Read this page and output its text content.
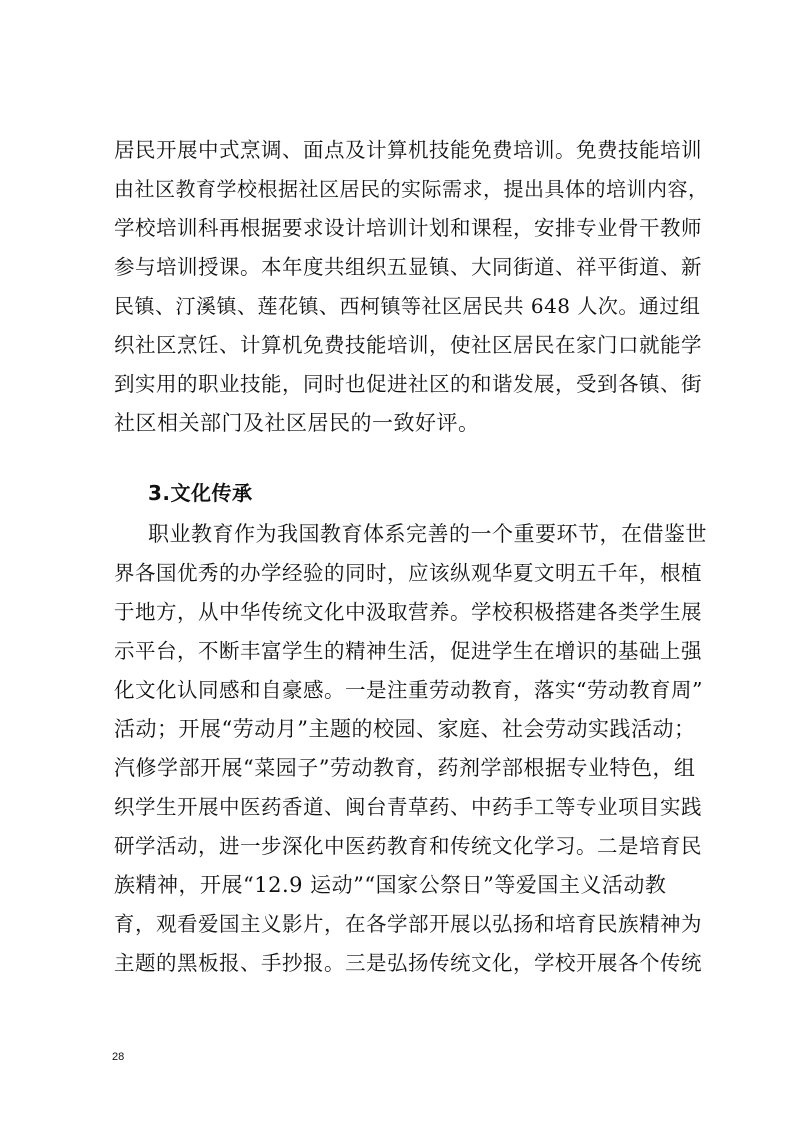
居民开展中式烹调、面点及计算机技能免费培训。免费技能培训
由社区教育学校根据社区居民的实际需求，提出具体的培训内容，
学校培训科再根据要求设计培训计划和课程，安排专业骨干教师
参与培训授课。本年度共组织五显镇、大同街道、祥平街道、新
民镇、汀溪镇、莲花镇、西柯镇等社区居民共 648 人次。通过组
织社区烹饪、计算机免费技能培训，使社区居民在家门口就能学
到实用的职业技能，同时也促进社区的和谐发展，受到各镇、街
社区相关部门及社区居民的一致好评。
3.文化传承
职业教育作为我国教育体系完善的一个重要环节，在借鉴世
界各国优秀的办学经验的同时，应该纵观华夏文明五千年，根植
于地方，从中华传统文化中汲取营养。学校积极搭建各类学生展
示平台，不断丰富学生的精神生活，促进学生在增识的基础上强
化文化认同感和自豪感。一是注重劳动教育，落实“劳动教育周”
活动；开展“劳动月”主题的校园、家庭、社会劳动实践活动；
汽修学部开展“菜园子”劳动教育，药剂学部根据专业特色，组
织学生开展中医药香道、闽台青草药、中药手工等专业项目实践
研学活动，进一步深化中医药教育和传统文化学习。二是培育民
族精神，开展“12.9 运动”“国家公祭日”等爱国主义活动教
育，观看爱国主义影片，在各学部开展以弘扬和培育民族精神为
主题的黑板报、手抄报。三是弘扬传统文化，学校开展各个传统
28
